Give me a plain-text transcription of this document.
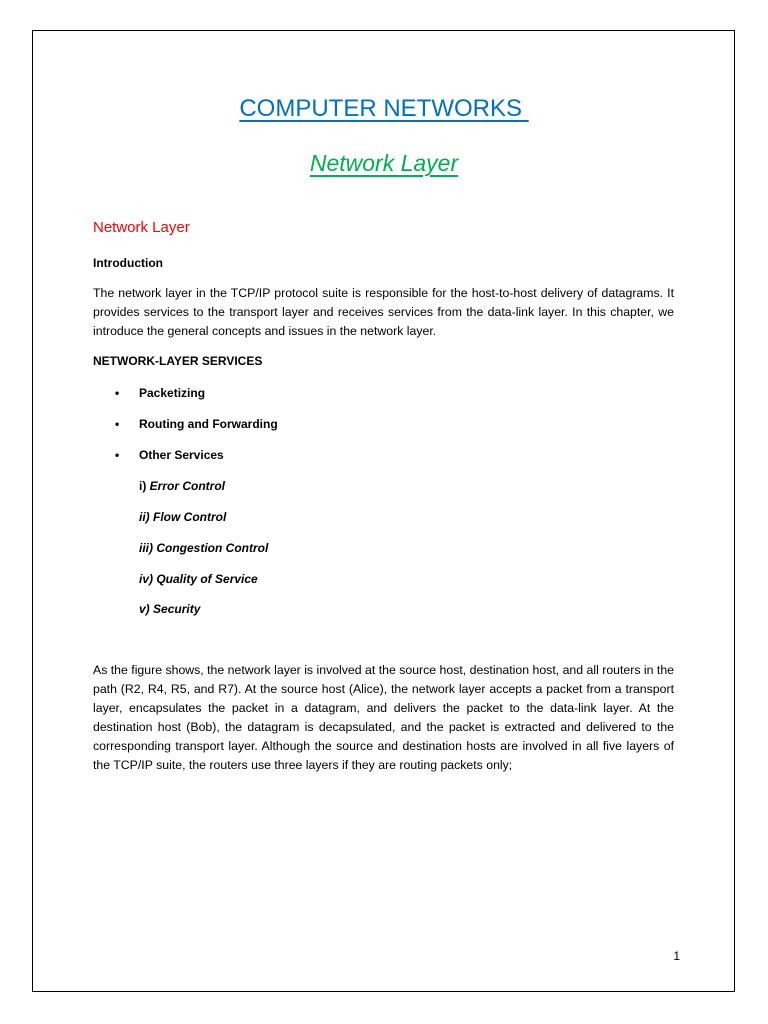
COMPUTER NETWORKS
Network Layer
Network Layer
Introduction
The network layer in the TCP/IP protocol suite is responsible for the host-to-host delivery of datagrams. It provides services to the transport layer and receives services from the data-link layer. In this chapter, we introduce the general concepts and issues in the network layer.
NETWORK-LAYER SERVICES
• Packetizing
• Routing and Forwarding
• Other Services
i) Error Control
ii) Flow Control
iii) Congestion Control
iv) Quality of Service
v) Security
As the figure shows, the network layer is involved at the source host, destination host, and all routers in the path (R2, R4, R5, and R7). At the source host (Alice), the network layer accepts a packet from a transport layer, encapsulates the packet in a datagram, and delivers the packet to the data-link layer. At the destination host (Bob), the datagram is decapsulated, and the packet is extracted and delivered to the corresponding transport layer. Although the source and destination hosts are involved in all five layers of the TCP/IP suite, the routers use three layers if they are routing packets only;
1
